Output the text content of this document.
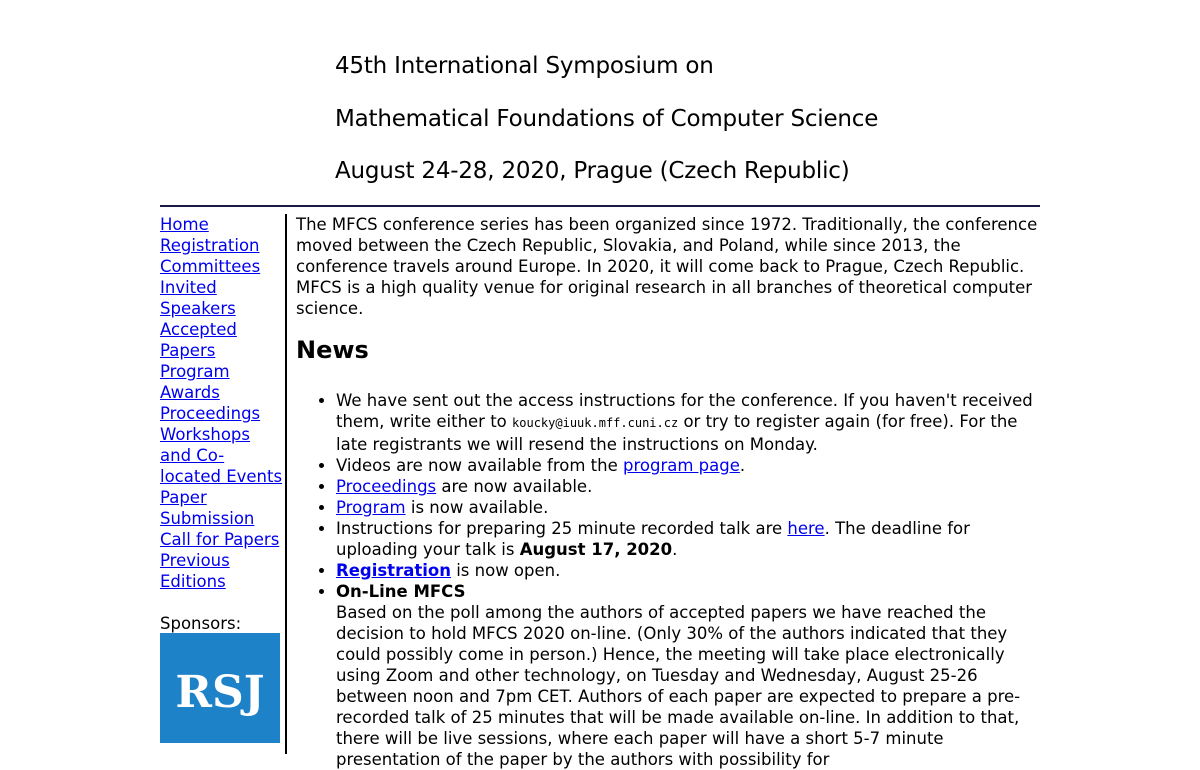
45th International Symposium on
Mathematical Foundations of Computer Science
August 24-28, 2020, Prague (Czech Republic)
Home
Registration
Committees
Invited Speakers
Accepted Papers
Program
Awards
Proceedings
Workshops and Co-located Events Paper Submission
Call for Papers
Previous Editions
Sponsors:
RSJ

The MFCS conference series has been organized since 1972. Traditionally, the conference moved between the Czech Republic, Slovakia, and Poland, while since 2013, the conference travels around Europe. In 2020, it will come back to Prague, Czech Republic. MFCS is a high quality venue for original research in all branches of theoretical computer science.

News
• We have sent out the access instructions for the conference. If you haven't received them, write either to koucky@iuuk.mff.cuni.cz or try to register again (for free). For the late registrants we will resend the instructions on Monday.
• Videos are now available from the program page.
• Proceedings are now available.
• Program is now available.
• Instructions for preparing 25 minute recorded talk are here. The deadline for uploading your talk is August 17, 2020.
• Registration is now open.
• On-Line MFCS
Based on the poll among the authors of accepted papers we have reached the decision to hold MFCS 2020 on-line. (Only 30% of the authors indicated that they could possibly come in person.) Hence, the meeting will take place electronically using Zoom and other technology, on Tuesday and Wednesday, August 25-26 between noon and 7pm CET. Authors of each paper are expected to prepare a pre-recorded talk of 25 minutes that will be made available on-line. In addition to that, there will be live sessions, where each paper will have a short 5-7 minute presentation of the paper by the authors with possibility for
